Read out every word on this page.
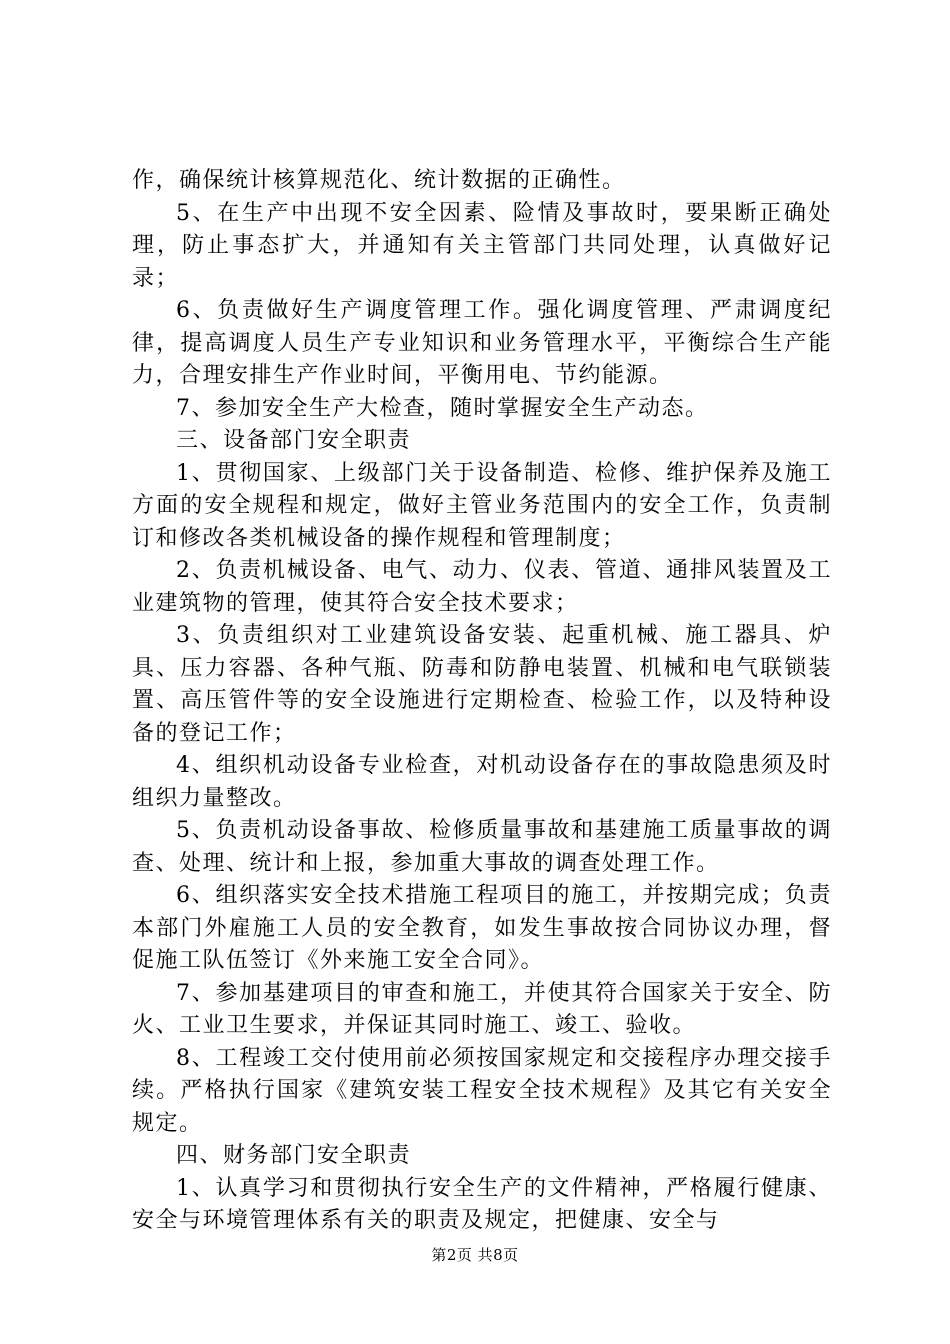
作，确保统计核算规范化、统计数据的正确性。

5、在生产中出现不安全因素、险情及事故时，要果断正确处理，防止事态扩大，并通知有关主管部门共同处理，认真做好记录；

6、负责做好生产调度管理工作。强化调度管理、严肃调度纪律，提高调度人员生产专业知识和业务管理水平，平衡综合生产能力，合理安排生产作业时间，平衡用电、节约能源。

7、参加安全生产大检查，随时掌握安全生产动态。

三、设备部门安全职责

1、贯彻国家、上级部门关于设备制造、检修、维护保养及施工方面的安全规程和规定，做好主管业务范围内的安全工作，负责制订和修改各类机械设备的操作规程和管理制度；

2、负责机械设备、电气、动力、仪表、管道、通排风装置及工业建筑物的管理，使其符合安全技术要求；

3、负责组织对工业建筑设备安装、起重机械、施工器具、炉具、压力容器、各种气瓶、防毒和防静电装置、机械和电气联锁装置、高压管件等的安全设施进行定期检查、检验工作，以及特种设备的登记工作；

4、组织机动设备专业检查，对机动设备存在的事故隐患须及时组织力量整改。

5、负责机动设备事故、检修质量事故和基建施工质量事故的调查、处理、统计和上报，参加重大事故的调查处理工作。

6、组织落实安全技术措施工程项目的施工，并按期完成；负责本部门外雇施工人员的安全教育，如发生事故按合同协议办理，督促施工队伍签订《外来施工安全合同》。

7、参加基建项目的审查和施工，并使其符合国家关于安全、防火、工业卫生要求，并保证其同时施工、竣工、验收。

8、工程竣工交付使用前必须按国家规定和交接程序办理交接手续。严格执行国家《建筑安装工程安全技术规程》及其它有关安全规定。

四、财务部门安全职责

1、认真学习和贯彻执行安全生产的文件精神，严格履行健康、安全与环境管理体系有关的职责及规定，把健康、安全与

第2页 共8页
